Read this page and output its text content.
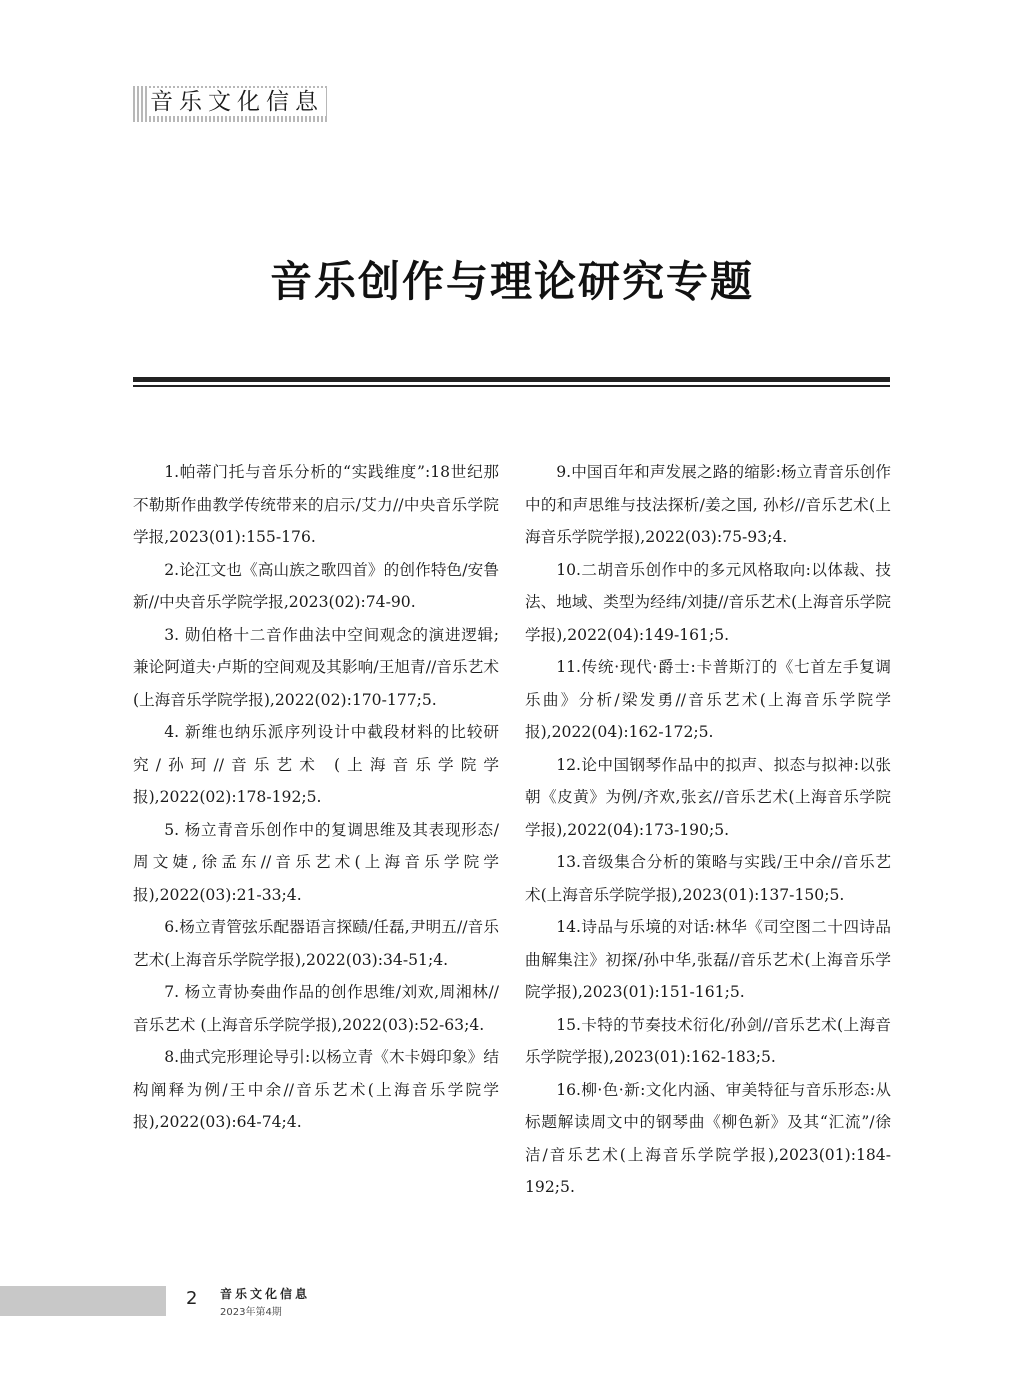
音乐文化信息
音乐创作与理论研究专题

1.帕蒂门托与音乐分析的“实践维度”:18世纪那不勒斯作曲教学传统带来的启示/艾力//中央音乐学院学报,2023(01):155-176.

2.论江文也《高山族之歌四首》的创作特色/安鲁新//中央音乐学院学报,2023(02):74-90.

3. 勋伯格十二音作曲法中空间观念的演进逻辑;兼论阿道夫·卢斯的空间观及其影响/王旭青//音乐艺术 (上海音乐学院学报),2022(02):170-177;5.

4. 新维也纳乐派序列设计中截段材料的比较研究/孙珂//音乐艺术 (上海音乐学院学报),2022(02):178-192;5.

5. 杨立青音乐创作中的复调思维及其表现形态/周文婕,徐孟东//音乐艺术(上海音乐学院学报),2022(03):21-33;4.

6.杨立青管弦乐配器语言探赜/任磊,尹明五//音乐艺术(上海音乐学院学报),2022(03):34-51;4.

7. 杨立青协奏曲作品的创作思维/刘欢,周湘林//音乐艺术 (上海音乐学院学报),2022(03):52-63;4.

8.曲式完形理论导引:以杨立青《木卡姆印象》结构阐释为例/王中余//音乐艺术(上海音乐学院学报),2022(03):64-74;4.

9.中国百年和声发展之路的缩影:杨立青音乐创作中的和声思维与技法探析/姜之国, 孙杉//音乐艺术(上海音乐学院学报),2022(03):75-93;4.

10.二胡音乐创作中的多元风格取向:以体裁、技法、地域、类型为经纬/刘捷//音乐艺术(上海音乐学院学报),2022(04):149-161;5.

11.传统·现代·爵士:卡普斯汀的《七首左手复调乐曲》分析/梁发勇//音乐艺术(上海音乐学院学报),2022(04):162-172;5.

12.论中国钢琴作品中的拟声、拟态与拟神:以张朝《皮黄》为例/齐欢,张玄//音乐艺术(上海音乐学院学报),2022(04):173-190;5.

13.音级集合分析的策略与实践/王中余//音乐艺术(上海音乐学院学报),2023(01):137-150;5.

14.诗品与乐境的对话:林华《司空图二十四诗品曲解集注》初探/孙中华,张磊//音乐艺术(上海音乐学院学报),2023(01):151-161;5.

15.卡特的节奏技术衍化/孙剑//音乐艺术(上海音乐学院学报),2023(01):162-183;5.

16.柳·色·新:文化内涵、审美特征与音乐形态:从标题解读周文中的钢琴曲《柳色新》及其“汇流”/徐洁/音乐艺术(上海音乐学院学报),2023(01):184-192;5.

2 音乐文化信息
2023年第4期
